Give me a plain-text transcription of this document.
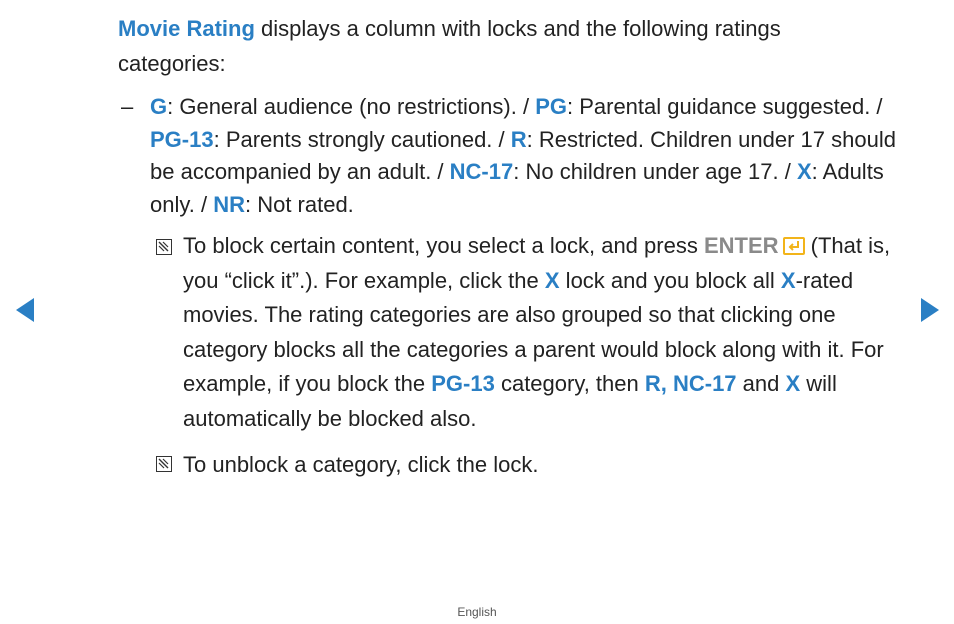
Movie Rating displays a column with locks and the following ratings categories:

– G: General audience (no restrictions). / PG: Parental guidance suggested. / PG-13: Parents strongly cautioned. / R: Restricted. Children under 17 should be accompanied by an adult. / NC-17: No children under age 17. / X: Adults only. / NR: Not rated.

To block certain content, you select a lock, and press ENTER
(That is, you “click it”.). For example, click the X lock and you block all X-rated movies. The rating categories are also grouped so that clicking one category blocks all the categories a parent would block along with it. For example, if you block the PG-13 category, then R, NC-17 and X will automatically be blocked also.

To unblock a category, click the lock.

English
